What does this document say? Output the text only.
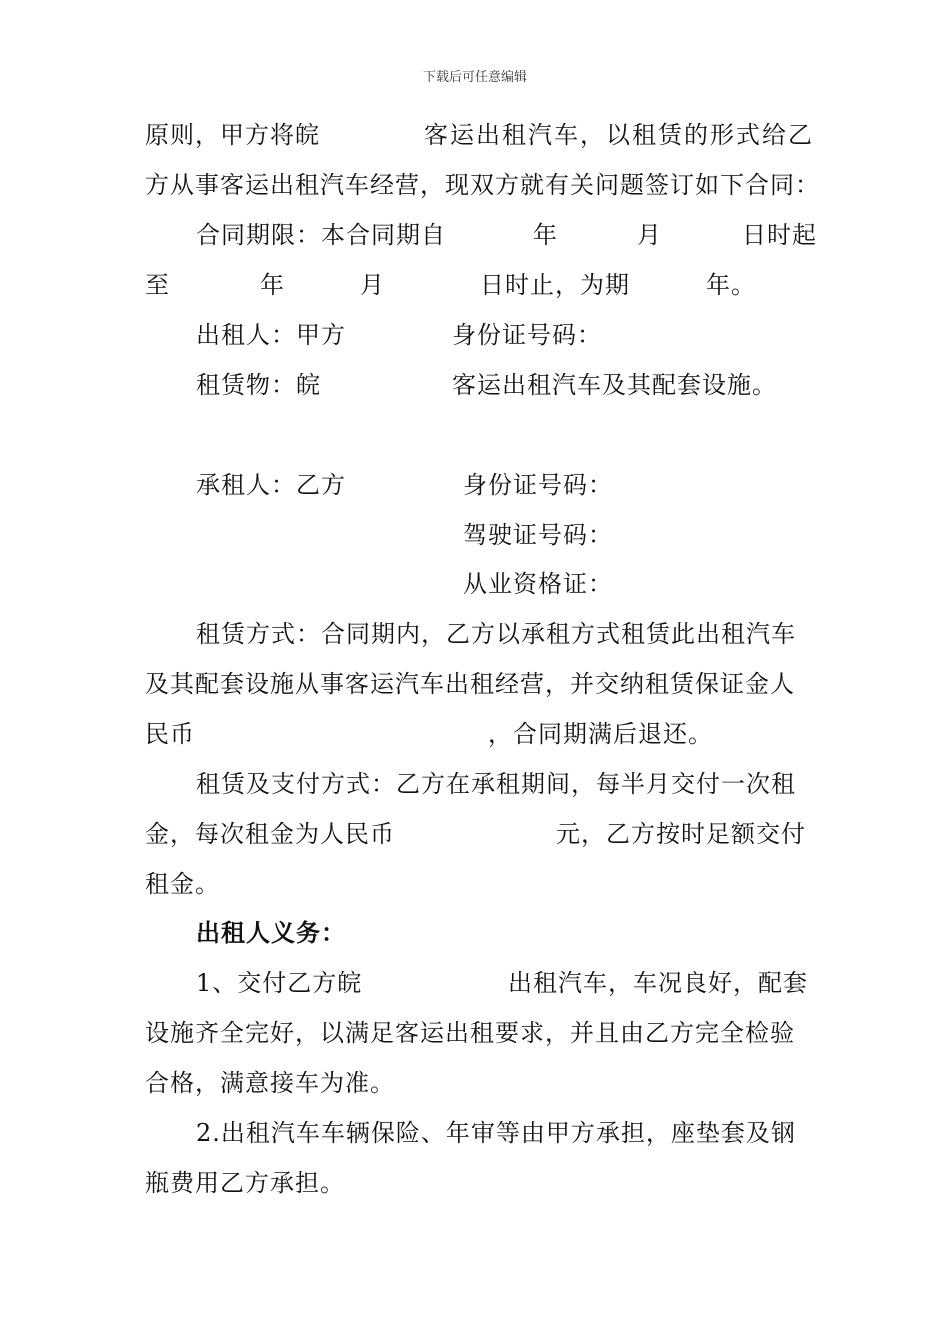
下载后可任意编辑
原则，甲方将皖	客运出租汽车，以租赁的形式给乙
方从事客运出租汽车经营，现双方就有关问题签订如下合同：
合同期限：本合同期自	年	月	日时起
至	年	月	日时止，为期	年。
出租人：甲方	身份证号码：
租赁物：皖	客运出租汽车及其配套设施。
承租人：乙方	身份证号码：
驾驶证号码：
从业资格证：
租赁方式：合同期内，乙方以承租方式租赁此出租汽车
及其配套设施从事客运汽车出租经营，并交纳租赁保证金人
民币	，合同期满后退还。
租赁及支付方式：乙方在承租期间，每半月交付一次租
金，每次租金为人民币	元，乙方按时足额交付
租金。
出租人义务：
1、交付乙方皖	出租汽车，车况良好，配套
设施齐全完好，以满足客运出租要求，并且由乙方完全检验
合格，满意接车为准。
2.出租汽车车辆保险、年审等由甲方承担，座垫套及钢
瓶费用乙方承担。
